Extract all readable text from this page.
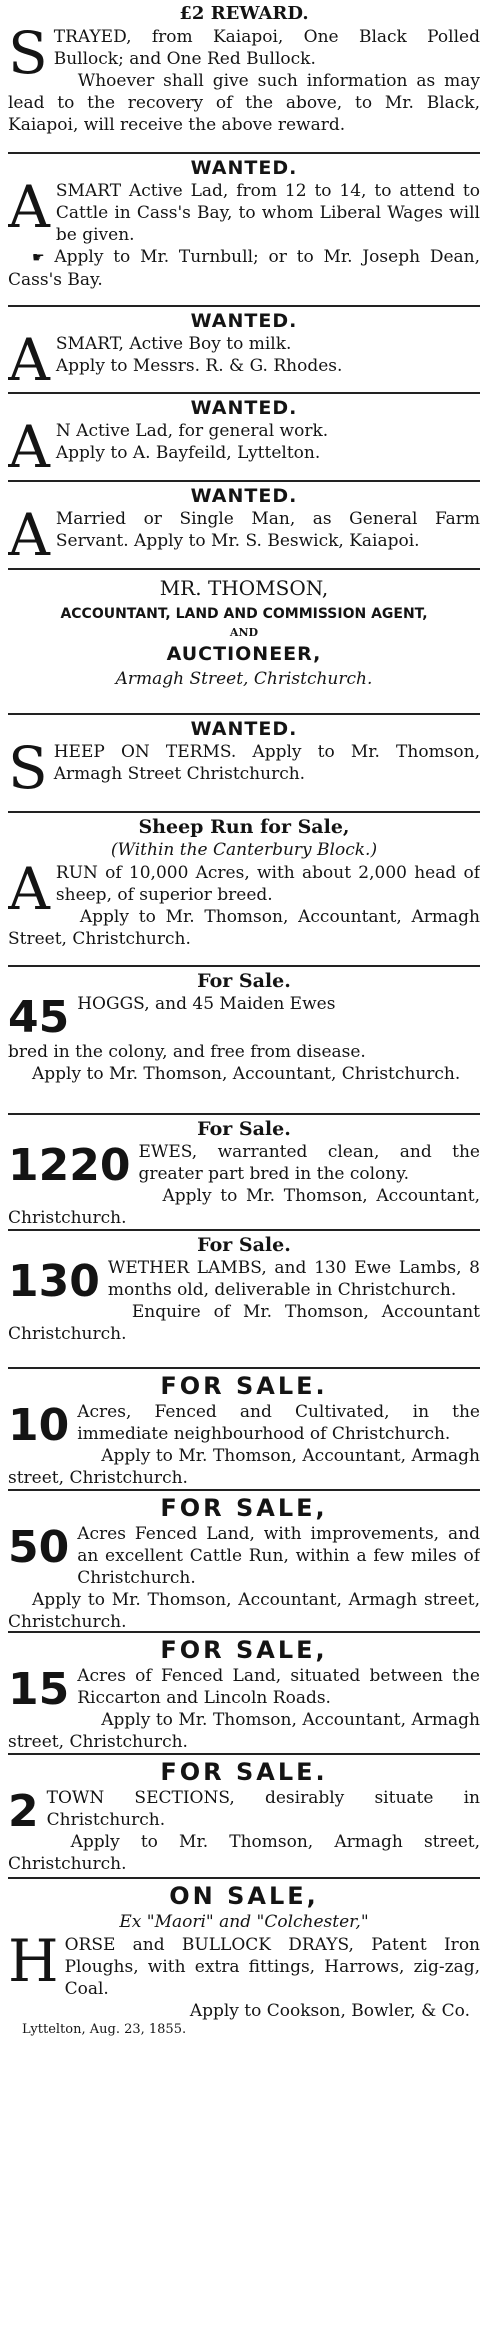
£2 REWARD.
S TRAYED, from Kaiapoi, One Black Polled Bullock; and One Red Bullock.
Whoever shall give such information as may lead to the recovery of the above, to Mr. Black, Kaiapoi, will receive the above reward.
WANTED.
A SMART Active Lad, from 12 to 14, to attend to Cattle in Cass's Bay, to whom Liberal Wages will be given.
☛ Apply to Mr. Turnbull; or to Mr. Joseph Dean, Cass's Bay.
WANTED.
A SMART, Active Boy to milk.
Apply to Messrs. R. & G. Rhodes.
WANTED.
A N Active Lad, for general work.
Apply to A. Bayfeild, Lyttelton.
WANTED.
A Married or Single Man, as General Farm Servant. Apply to Mr. S. Beswick, Kaiapoi.
MR. THOMSON,
ACCOUNTANT, LAND AND COMMISSION AGENT,
AND
AUCTIONEER,
Armagh Street, Christchurch.
WANTED.
S HEEP ON TERMS. Apply to Mr. Thomson, Armagh Street Christchurch.
Sheep Run for Sale,
(Within the Canterbury Block.)
A RUN of 10,000 Acres, with about 2,000 head of sheep, of superior breed.
Apply to Mr. Thomson, Accountant, Armagh Street, Christchurch.
For Sale.
45 HOGGS, and 45 Maiden Ewes
bred in the colony, and free from disease.
Apply to Mr. Thomson, Accountant, Christchurch.
For Sale.
1220 EWES, warranted clean, and the greater part bred in the colony.
Apply to Mr. Thomson, Accountant, Christchurch.
For Sale.
130 WETHER LAMBS, and 130 Ewe Lambs, 8 months old, deliverable in Christchurch.
Enquire of Mr. Thomson, Accountant Christchurch.
FOR SALE.
10 Acres, Fenced and Cultivated, in the immediate neighbourhood of Christchurch.
Apply to Mr. Thomson, Accountant, Armagh street, Christchurch.
FOR SALE,
50 Acres Fenced Land, with improvements, and an excellent Cattle Run, within a few miles of Christchurch.
Apply to Mr. Thomson, Accountant, Armagh street, Christchurch.
FOR SALE,
15 Acres of Fenced Land, situated between the Riccarton and Lincoln Roads.
Apply to Mr. Thomson, Accountant, Armagh street, Christchurch.
FOR SALE.
2 TOWN SECTIONS, desirably situate in Christchurch.
Apply to Mr. Thomson, Armagh street, Christchurch.
ON SALE,
Ex "Maori" and "Colchester,"
H ORSE and BULLOCK DRAYS, Patent Iron Ploughs, with extra fittings, Harrows, zig-zag, Coal.
Apply to Cookson, Bowler, & Co.
Lyttelton, Aug. 23, 1855.
